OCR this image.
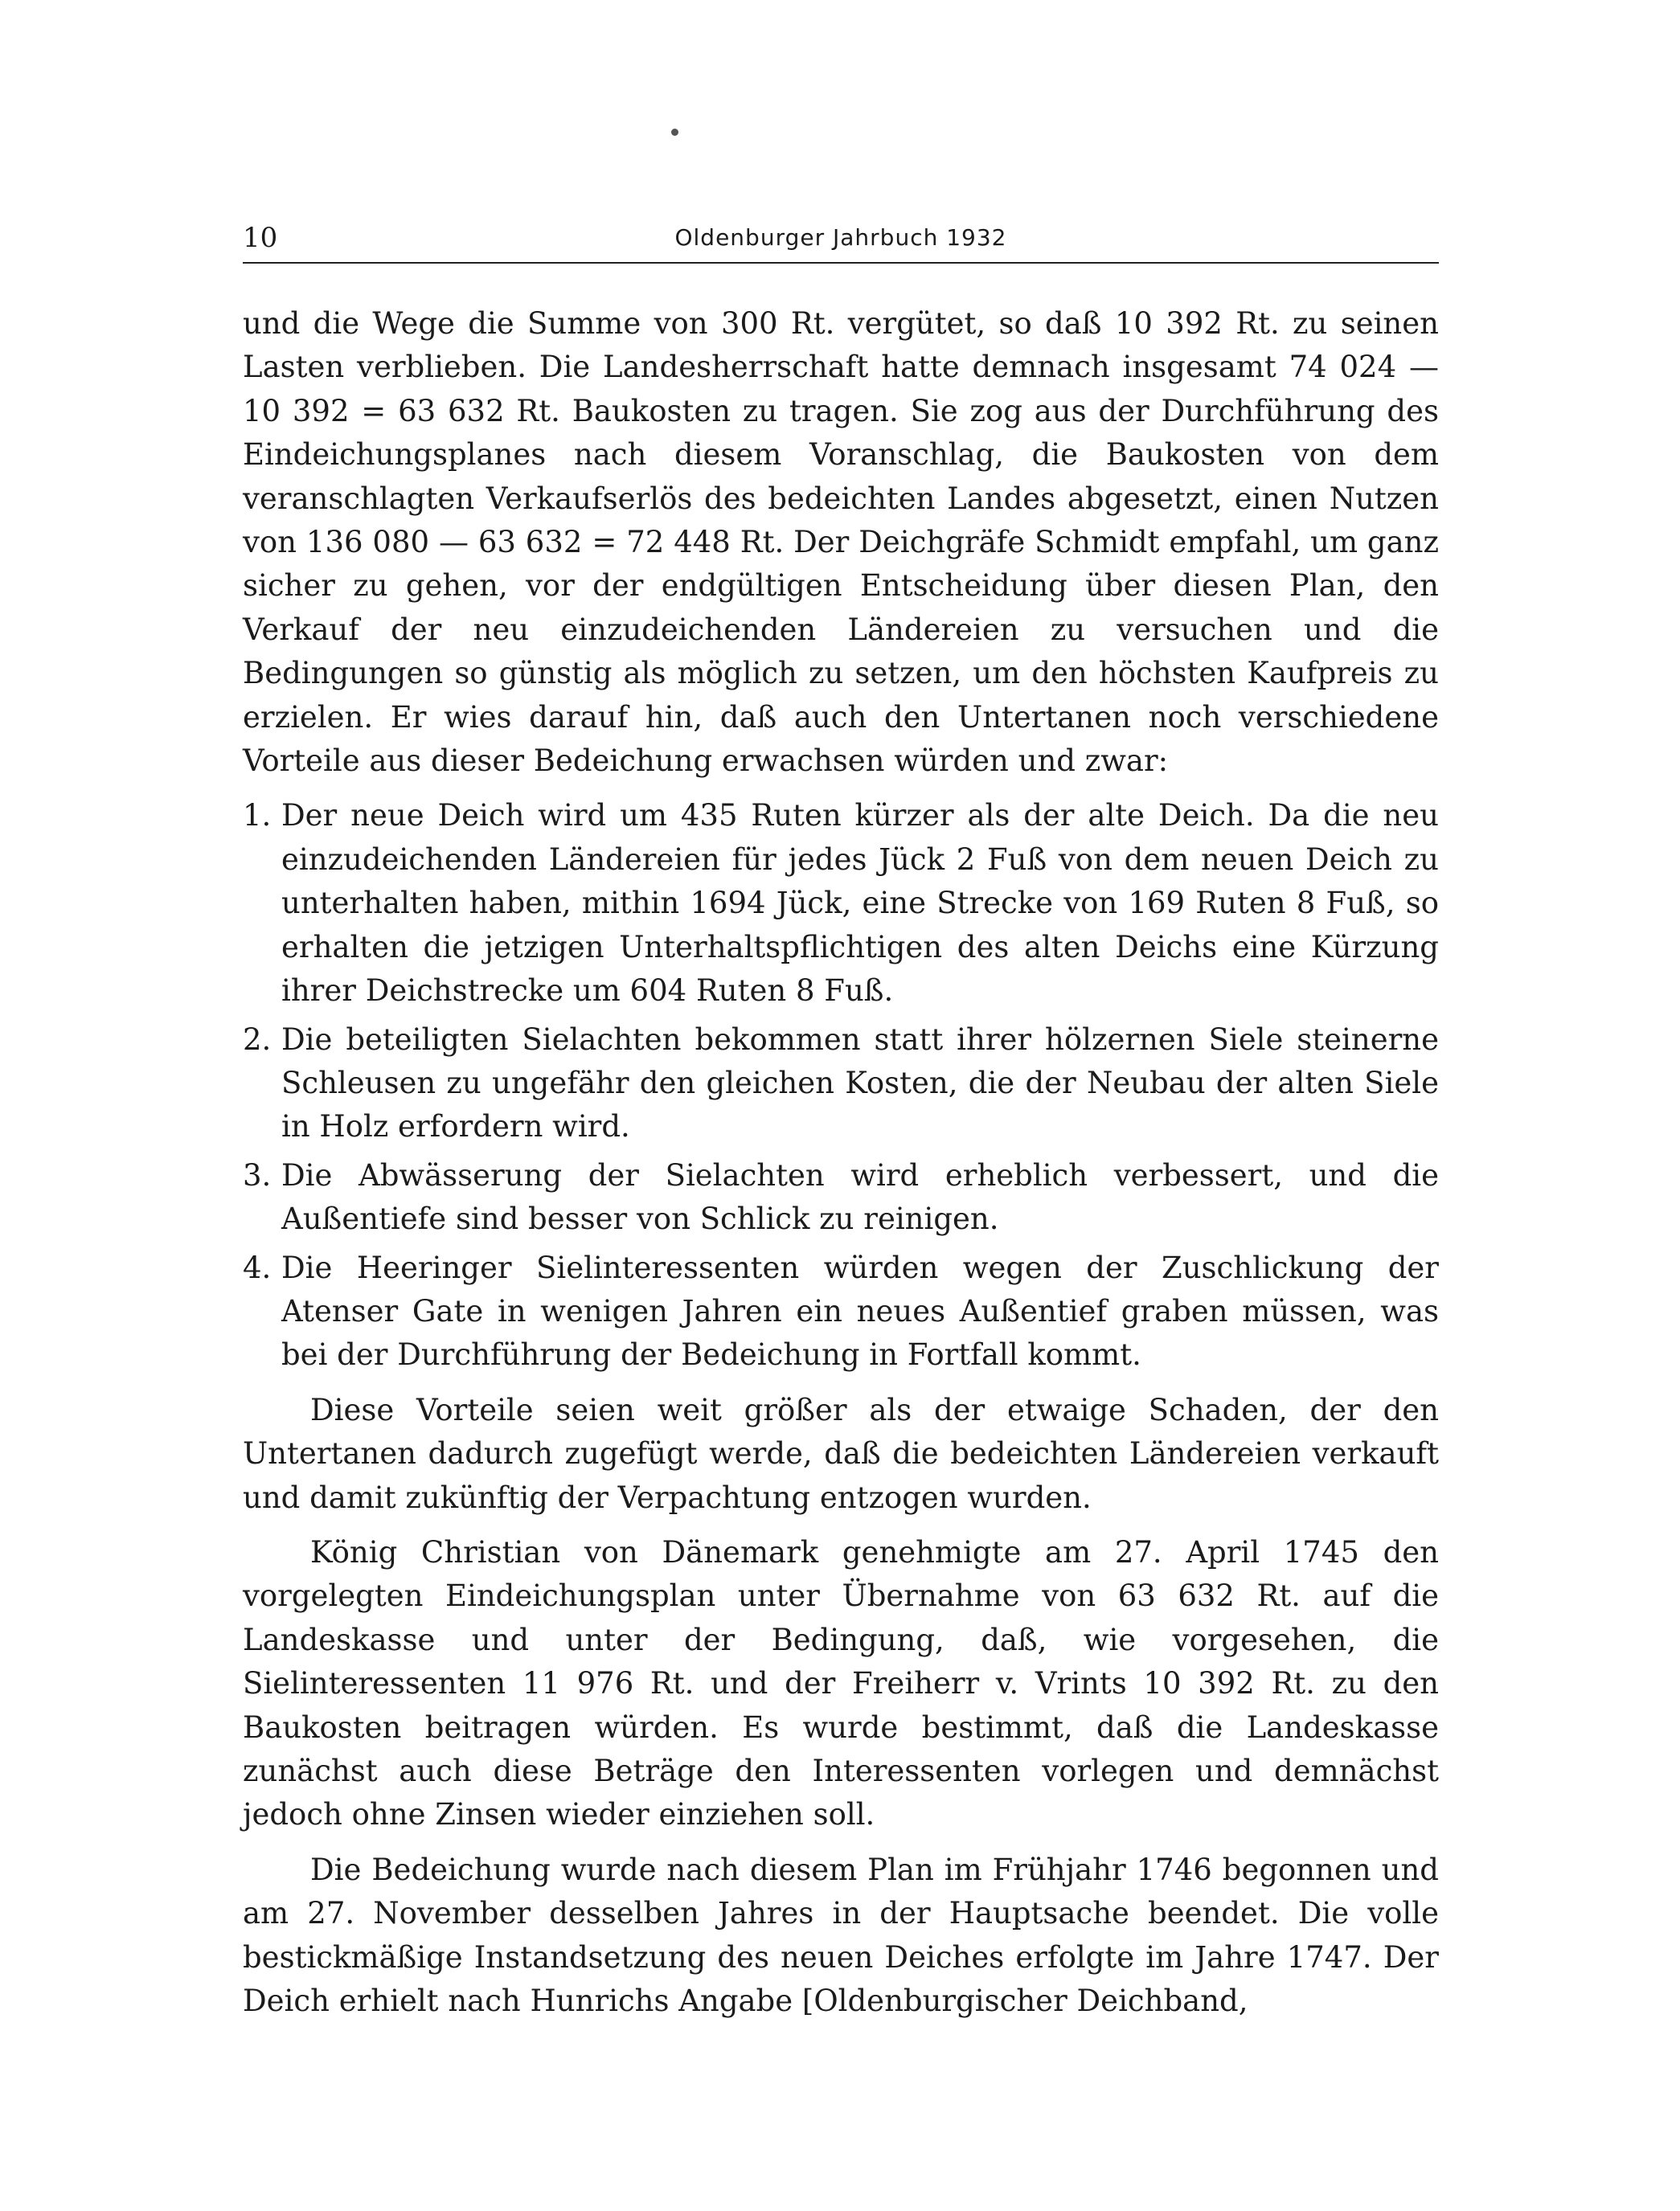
10	Oldenburger Jahrbuch 1932

und die Wege die Summe von 300 Rt. vergütet, so daß 10 392 Rt. zu seinen Lasten verblieben. Die Landesherrschaft hatte demnach insgesamt 74 024 — 10 392 = 63 632 Rt. Baukosten zu tragen. Sie zog aus der Durchführung des Eindeichungsplanes nach diesem Voranschlag, die Baukosten von dem veranschlagten Verkaufserlös des bedeichten Landes abgesetzt, einen Nutzen von 136 080 — 63 632 = 72 448 Rt. Der Deichgräfe Schmidt empfahl, um ganz sicher zu gehen, vor der endgültigen Entscheidung über diesen Plan, den Verkauf der neu einzudeichenden Ländereien zu versuchen und die Bedingungen so günstig als möglich zu setzen, um den höchsten Kaufpreis zu erzielen. Er wies darauf hin, daß auch den Untertanen noch verschiedene Vorteile aus dieser Bedeichung erwachsen würden und zwar:

1. Der neue Deich wird um 435 Ruten kürzer als der alte Deich. Da die neu einzudeichenden Ländereien für jedes Jück 2 Fuß von dem neuen Deich zu unterhalten haben, mithin 1694 Jück, eine Strecke von 169 Ruten 8 Fuß, so erhalten die jetzigen Unterhaltspflichtigen des alten Deichs eine Kürzung ihrer Deichstrecke um 604 Ruten 8 Fuß.
2. Die beteiligten Sielachten bekommen statt ihrer hölzernen Siele steinerne Schleusen zu ungefähr den gleichen Kosten, die der Neubau der alten Siele in Holz erfordern wird.
3. Die Abwässerung der Sielachten wird erheblich verbessert, und die Außentiefe sind besser von Schlick zu reinigen.
4. Die Heeringer Sielinteressenten würden wegen der Zuschlickung der Atenser Gate in wenigen Jahren ein neues Außentief graben müssen, was bei der Durchführung der Bedeichung in Fortfall kommt.

Diese Vorteile seien weit größer als der etwaige Schaden, der den Untertanen dadurch zugefügt werde, daß die bedeichten Ländereien verkauft und damit zukünftig der Verpachtung entzogen wurden.

König Christian von Dänemark genehmigte am 27. April 1745 den vorgelegten Eindeichungsplan unter Übernahme von 63 632 Rt. auf die Landeskasse und unter der Bedingung, daß, wie vorgesehen, die Sielinteressenten 11 976 Rt. und der Freiherr v. Vrints 10 392 Rt. zu den Baukosten beitragen würden. Es wurde bestimmt, daß die Landeskasse zunächst auch diese Beträge den Interessenten vorlegen und demnächst jedoch ohne Zinsen wieder einziehen soll.

Die Bedeichung wurde nach diesem Plan im Frühjahr 1746 begonnen und am 27. November desselben Jahres in der Hauptsache beendet. Die volle bestickmäßige Instandsetzung des neuen Deiches erfolgte im Jahre 1747. Der Deich erhielt nach Hunrichs Angabe [Oldenburgischer Deichband,
